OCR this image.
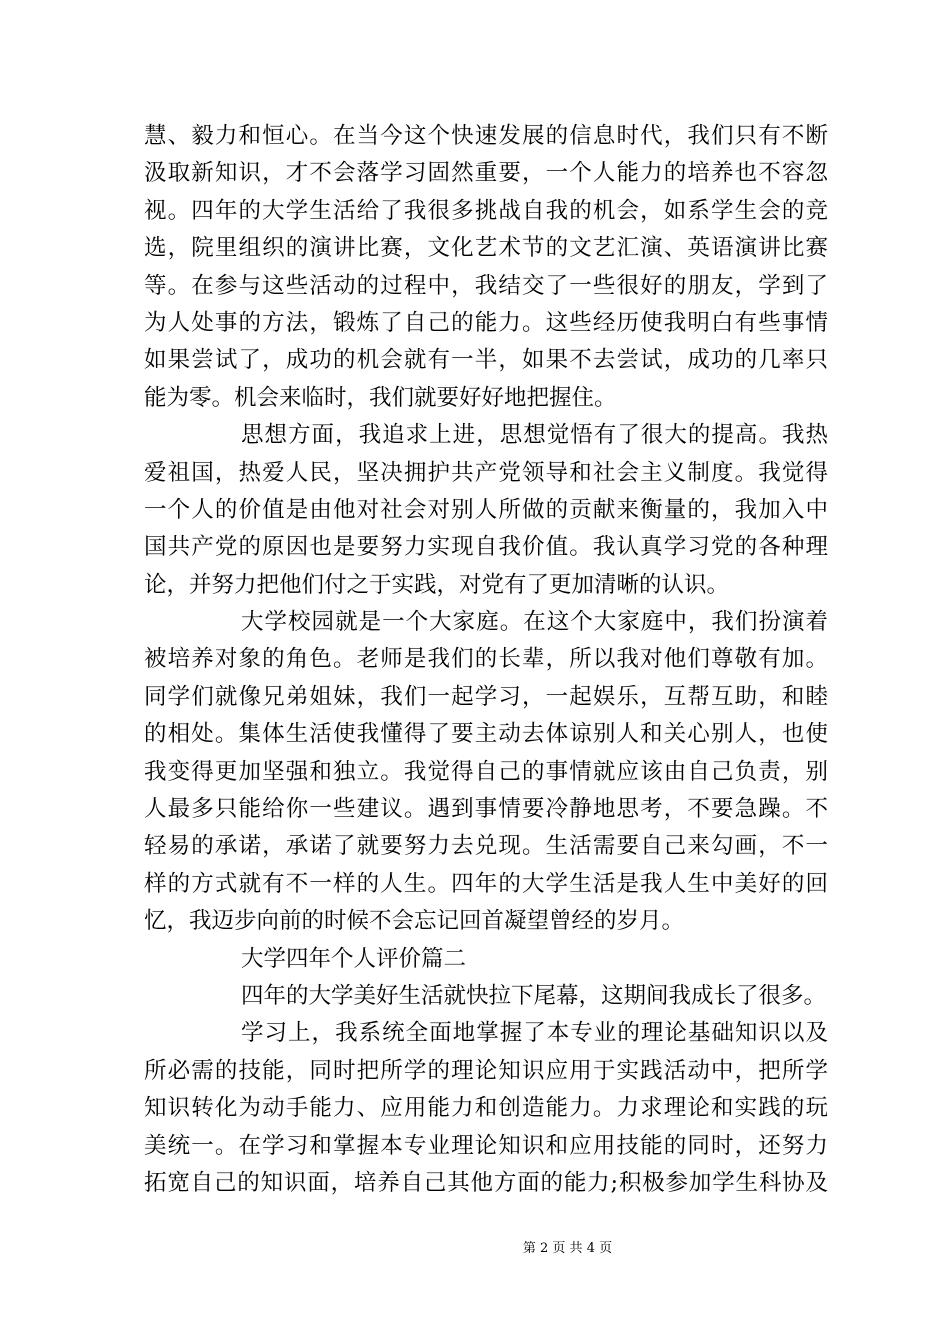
慧、毅力和恒心。在当今这个快速发展的信息时代，我们只有不断
汲取新知识，才不会落学习固然重要，一个人能力的培养也不容忽
视。四年的大学生活给了我很多挑战自我的机会，如系学生会的竞
选，院里组织的演讲比赛，文化艺术节的文艺汇演、英语演讲比赛
等。在参与这些活动的过程中，我结交了一些很好的朋友，学到了
为人处事的方法，锻炼了自己的能力。这些经历使我明白有些事情
如果尝试了，成功的机会就有一半，如果不去尝试，成功的几率只
能为零。机会来临时，我们就要好好地把握住。
思想方面，我追求上进，思想觉悟有了很大的提高。我热
爱祖国，热爱人民，坚决拥护共产党领导和社会主义制度。我觉得
一个人的价值是由他对社会对别人所做的贡献来衡量的，我加入中
国共产党的原因也是要努力实现自我价值。我认真学习党的各种理
论，并努力把他们付之于实践，对党有了更加清晰的认识。
大学校园就是一个大家庭。在这个大家庭中，我们扮演着
被培养对象的角色。老师是我们的长辈，所以我对他们尊敬有加。
同学们就像兄弟姐妹，我们一起学习，一起娱乐，互帮互助，和睦
的相处。集体生活使我懂得了要主动去体谅别人和关心别人，也使
我变得更加坚强和独立。我觉得自己的事情就应该由自己负责，别
人最多只能给你一些建议。遇到事情要冷静地思考，不要急躁。不
轻易的承诺，承诺了就要努力去兑现。生活需要自己来勾画，不一
样的方式就有不一样的人生。四年的大学生活是我人生中美好的回
忆，我迈步向前的时候不会忘记回首凝望曾经的岁月。
大学四年个人评价篇二
四年的大学美好生活就快拉下尾幕，这期间我成长了很多。
学习上，我系统全面地掌握了本专业的理论基础知识以及
所必需的技能，同时把所学的理论知识应用于实践活动中，把所学
知识转化为动手能力、应用能力和创造能力。力求理论和实践的玩
美统一。在学习和掌握本专业理论知识和应用技能的同时，还努力
拓宽自己的知识面，培养自己其他方面的能力;积极参加学生科协及
第 2 页 共 4 页
